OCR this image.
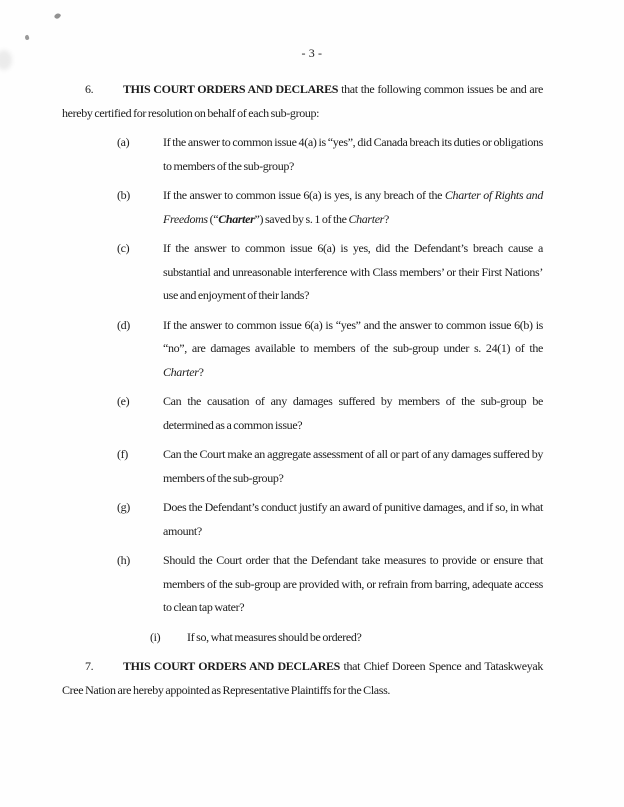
- 3 -

6. THIS COURT ORDERS AND DECLARES that the following common issues be and are hereby certified for resolution on behalf of each sub-group:

(a)	If the answer to common issue 4(a) is “yes”, did Canada breach its duties or obligations to members of the sub-group?
(b)	If the answer to common issue 6(a) is yes, is any breach of the Charter of Rights and Freedoms (“Charter”) saved by s. 1 of the Charter?
(c)	If the answer to common issue 6(a) is yes, did the Defendant’s breach cause a substantial and unreasonable interference with Class members’ or their First Nations’ use and enjoyment of their lands?
(d)	If the answer to common issue 6(a) is “yes” and the answer to common issue 6(b) is “no”, are damages available to members of the sub-group under s. 24(1) of the Charter?
(e)	Can the causation of any damages suffered by members of the sub-group be determined as a common issue?
(f)	Can the Court make an aggregate assessment of all or part of any damages suffered by members of the sub-group?
(g)	Does the Defendant’s conduct justify an award of punitive damages, and if so, in what amount?
(h)	Should the Court order that the Defendant take measures to provide or ensure that members of the sub-group are provided with, or refrain from barring, adequate access to clean tap water?
(i) If so, what measures should be ordered?

7. THIS COURT ORDERS AND DECLARES that Chief Doreen Spence and Tataskweyak Cree Nation are hereby appointed as Representative Plaintiffs for the Class.
